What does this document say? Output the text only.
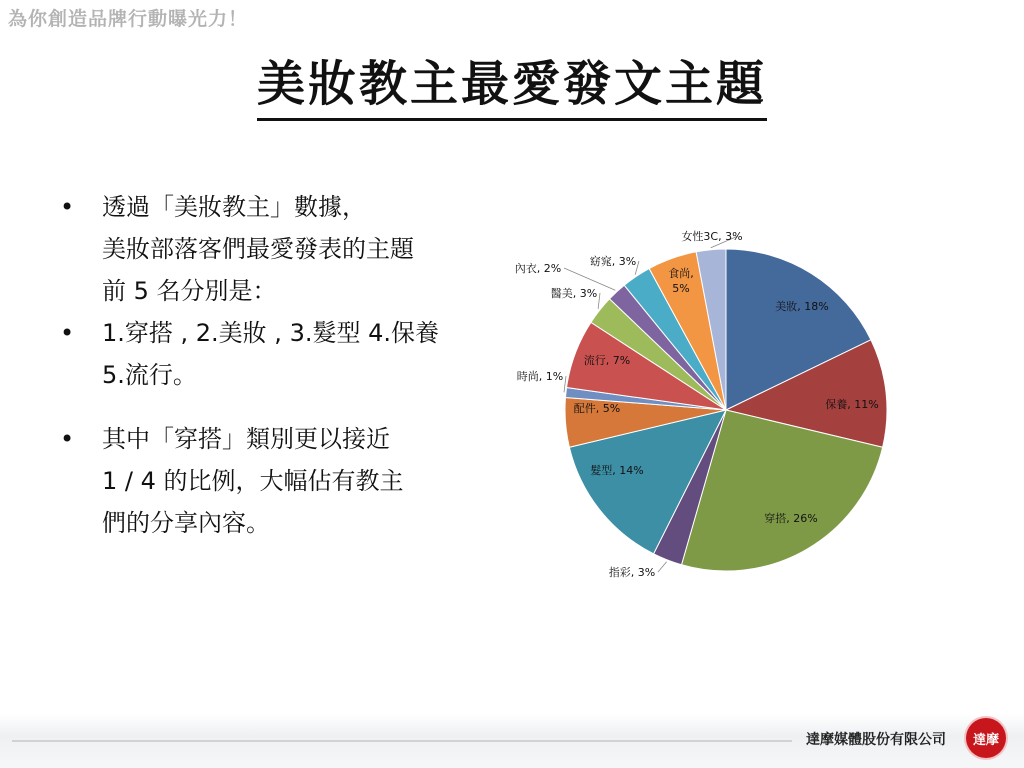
為你創造品牌行動曝光力！
美妝教主最愛發文主題
• 透過「美妝教主」數據，
美妝部落客們最愛發表的主題
前 5 名分別是：
• 1.穿搭 , 2.美妝 , 3.髮型 4.保養
5.流行。
• 其中「穿搭」類別更以接近
1 / 4 的比例，大幅佔有教主
們的分享內容。
美妝, 18%
保養, 11%
穿搭, 26%
指彩, 3%
髮型, 14%
配件, 5%
時尚, 1%
流行, 7%
醫美, 3%
內衣, 2%
窈窕, 3%
食尚, 5%
女性3C, 3%
達摩媒體股份有限公司	達摩
